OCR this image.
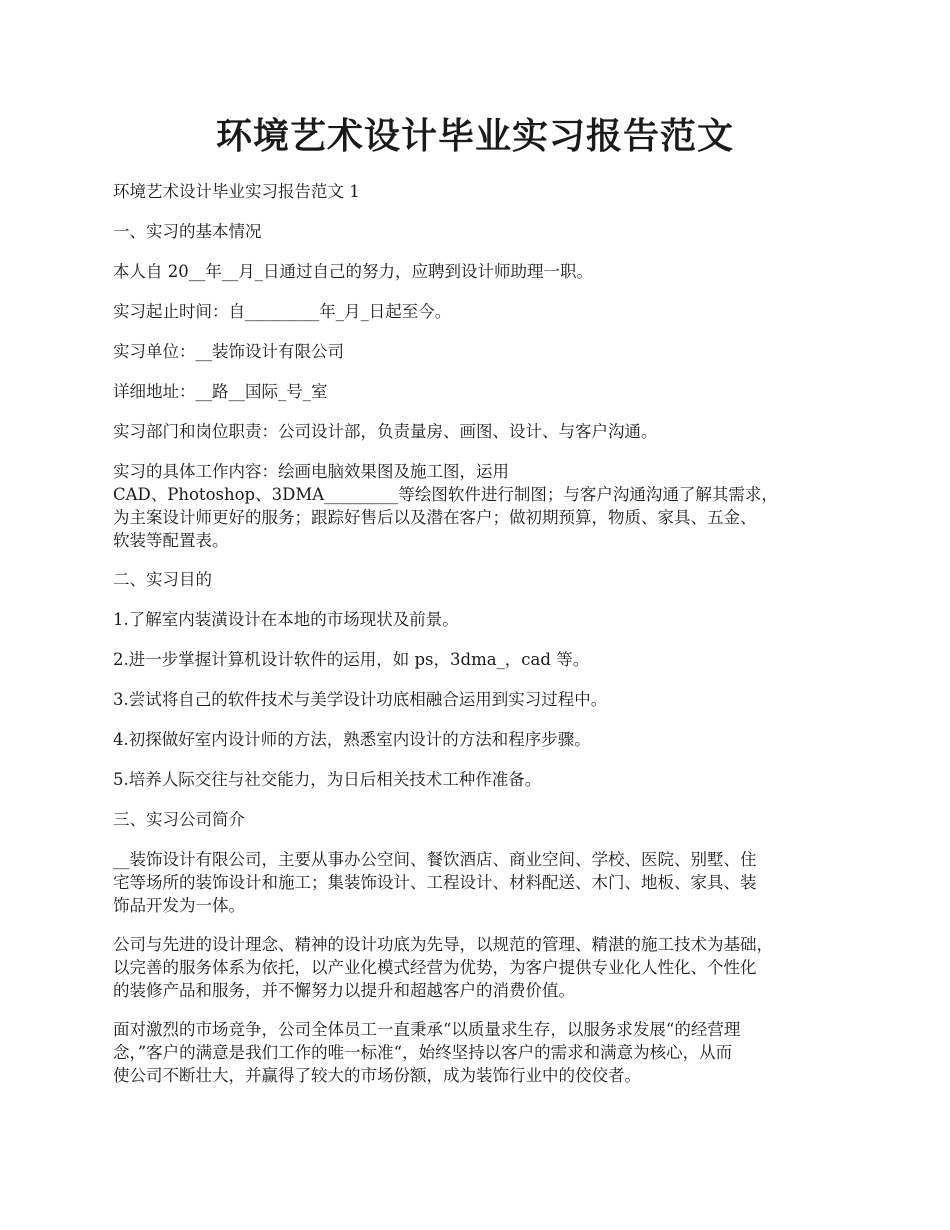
环境艺术设计毕业实习报告范文

环境艺术设计毕业实习报告范文 1

一、实习的基本情况

本人自 20__年__月_日通过自己的努力，应聘到设计师助理一职。

实习起止时间：自_________年_月_日起至今。

实习单位：__装饰设计有限公司

详细地址：__路__国际_号_室

实习部门和岗位职责：公司设计部，负责量房、画图、设计、与客户沟通。

实习的具体工作内容：绘画电脑效果图及施工图，运用
CAD、Photoshop、3DMA_________等绘图软件进行制图；与客户沟通沟通了解其需求，
为主案设计师更好的服务；跟踪好售后以及潜在客户；做初期预算，物质、家具、五金、
软装等配置表。

二、实习目的

1.了解室内装潢设计在本地的市场现状及前景。

2.进一步掌握计算机设计软件的运用，如 ps，3dma_，cad 等。

3.尝试将自己的软件技术与美学设计功底相融合运用到实习过程中。

4.初探做好室内设计师的方法，熟悉室内设计的方法和程序步骤。

5.培养人际交往与社交能力，为日后相关技术工种作准备。

三、实习公司简介

__装饰设计有限公司，主要从事办公空间、餐饮酒店、商业空间、学校、医院、别墅、住
宅等场所的装饰设计和施工；集装饰设计、工程设计、材料配送、木门、地板、家具、装
饰品开发为一体。

公司与先进的设计理念、精神的设计功底为先导，以规范的管理、精湛的施工技术为基础，
以完善的服务体系为依托，以产业化模式经营为优势，为客户提供专业化人性化、个性化
的装修产品和服务，并不懈努力以提升和超越客户的消费价值。

面对激烈的市场竞争，公司全体员工一直秉承“以质量求生存，以服务求发展“的经营理
念，”客户的满意是我们工作的唯一标准“，始终坚持以客户的需求和满意为核心，从而
使公司不断壮大，并赢得了较大的市场份额，成为装饰行业中的佼佼者。
